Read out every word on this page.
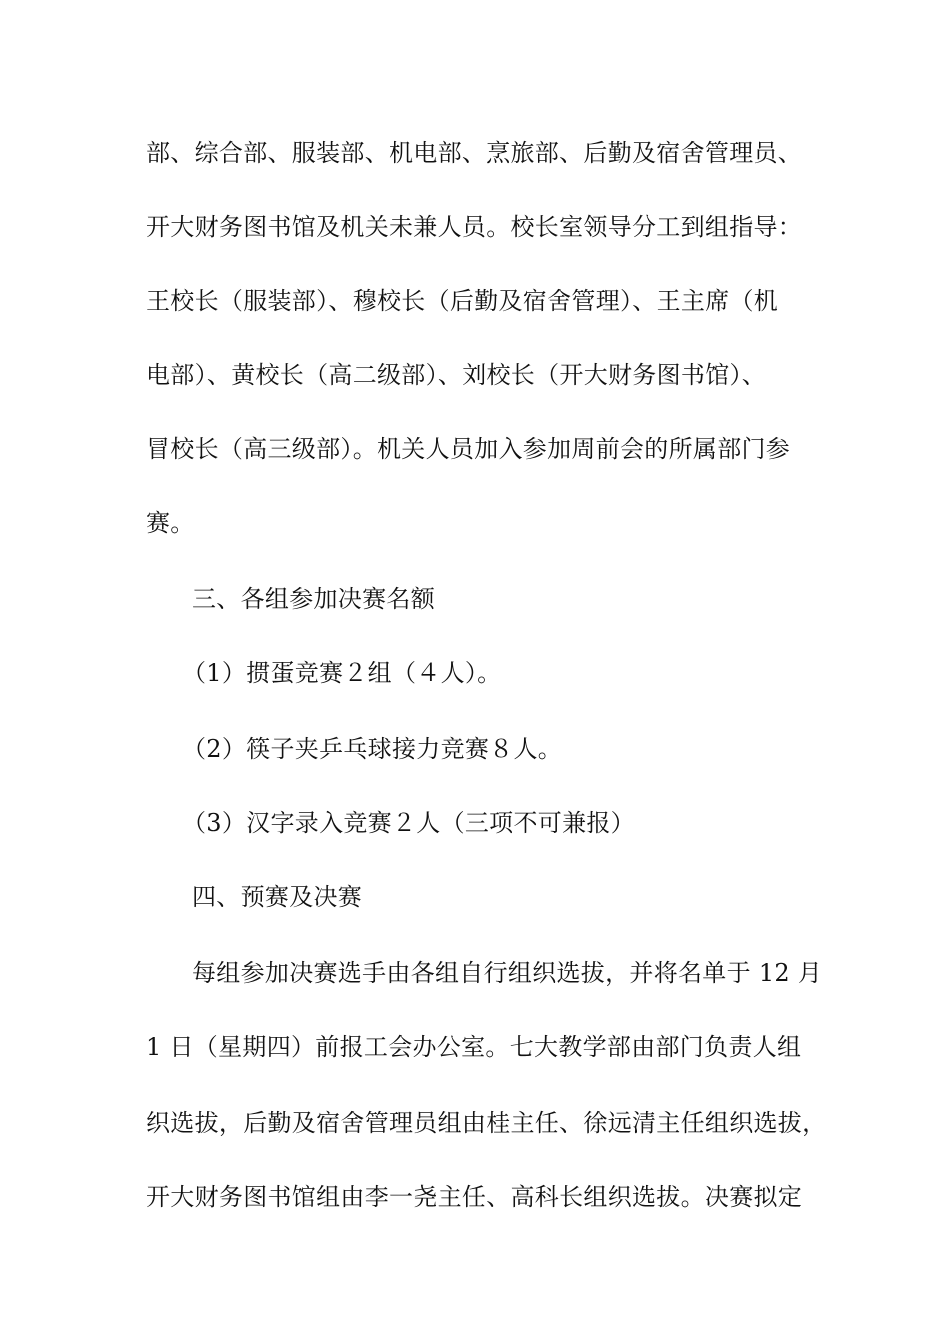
部、综合部、服装部、机电部、烹旅部、后勤及宿舍管理员、
开大财务图书馆及机关未兼人员。校长室领导分工到组指导：
王校长（服装部）、穆校长（后勤及宿舍管理）、王主席（机
电部）、黄校长（高二级部）、刘校长（开大财务图书馆）、
冒校长（高三级部）。机关人员加入参加周前会的所属部门参
赛。
三、各组参加决赛名额
（1）掼蛋竞赛２组（４人）。
（2）筷子夹乒乓球接力竞赛８人。
（3）汉字录入竞赛２人（三项不可兼报）
四、预赛及决赛
每组参加决赛选手由各组自行组织选拔，并将名单于 12 月
1 日（星期四）前报工会办公室。七大教学部由部门负责人组
织选拔，后勤及宿舍管理员组由桂主任、徐远清主任组织选拔，
开大财务图书馆组由李一尧主任、高科长组织选拔。决赛拟定
